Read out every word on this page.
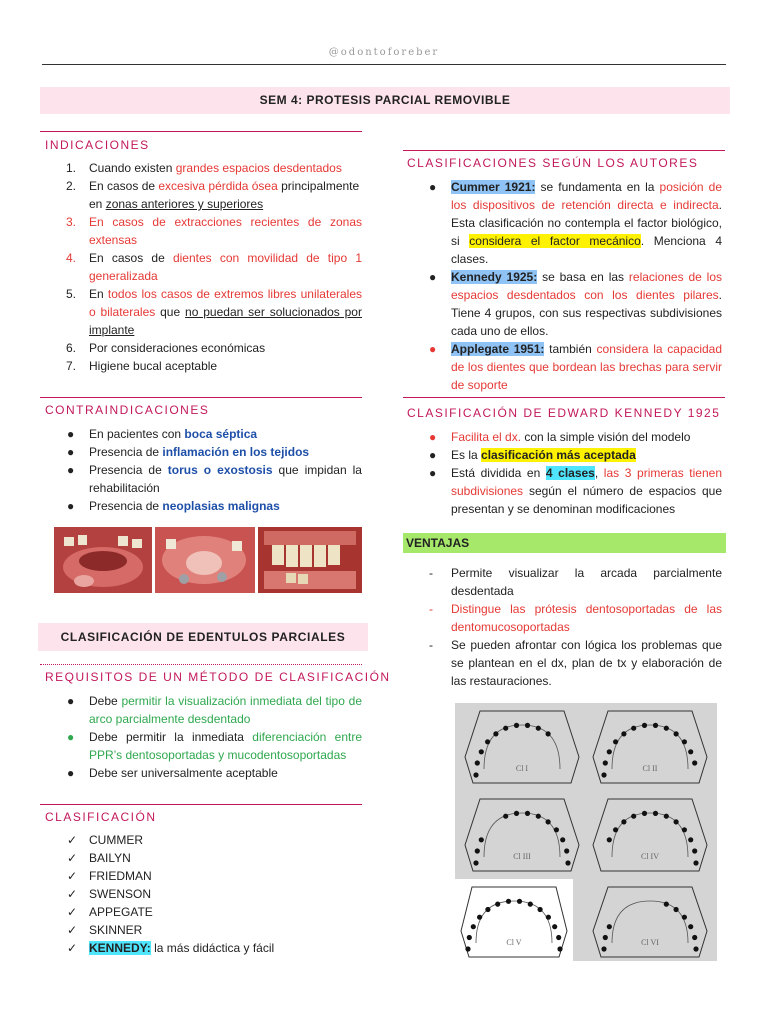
@odontoforeber
SEM 4: PROTESIS PARCIAL REMOVIBLE
INDICACIONES
1. Cuando existen grandes espacios desdentados
2. En casos de excesiva pérdida ósea principalmente en zonas anteriores y superiores
3. En casos de extracciones recientes de zonas extensas
4. En casos de dientes con movilidad de tipo 1 generalizada
5. En todos los casos de extremos libres unilaterales o bilaterales que no puedan ser solucionados por implante
6. Por consideraciones económicas
7. Higiene bucal aceptable
CONTRAINDICACIONES
● En pacientes con boca séptica
● Presencia de inflamación en los tejidos
● Presencia de torus o exostosis que impidan la rehabilitación
● Presencia de neoplasias malignas
CLASIFICACIÓN DE EDENTULOS PARCIALES
REQUISITOS DE UN MÉTODO DE CLASIFICACIÓN
● Debe permitir la visualización inmediata del tipo de arco parcialmente desdentado
● Debe permitir la inmediata diferenciación entre PPR’s dentosoportadas y mucodentosoportadas
● Debe ser universalmente aceptable
CLASIFICACIÓN
✓ CUMMER
✓ BAILYN
✓ FRIEDMAN
✓ SWENSON
✓ APPEGATE
✓ SKINNER
✓ KENNEDY: la más didáctica y fácil
CLASIFICACIONES SEGÚN LOS AUTORES
● Cummer 1921: se fundamenta en la posición de los dispositivos de retención directa e indirecta. Esta clasificación no contempla el factor biológico, si considera el factor mecánico. Menciona 4 clases.
● Kennedy 1925: se basa en las relaciones de los espacios desdentados con los dientes pilares. Tiene 4 grupos, con sus respectivas subdivisiones cada uno de ellos.
● Applegate 1951: también considera la capacidad de los dientes que bordean las brechas para servir de soporte
CLASIFICACIÓN DE EDWARD KENNEDY 1925
● Facilita el dx. con la simple visión del modelo
● Es la clasificación más aceptada
● Está dividida en 4 clases, las 3 primeras tienen subdivisiones según el número de espacios que presentan y se denominan modificaciones
VENTAJAS
- Permite visualizar la arcada parcialmente desdentada
- Distingue las prótesis dentosoportadas de las dentomucosoportadas
- Se pueden afrontar con lógica los problemas que se plantean en el dx, plan de tx y elaboración de las restauraciones.
Cl I	Cl II
Cl III	Cl IV
Cl V	Cl VI
